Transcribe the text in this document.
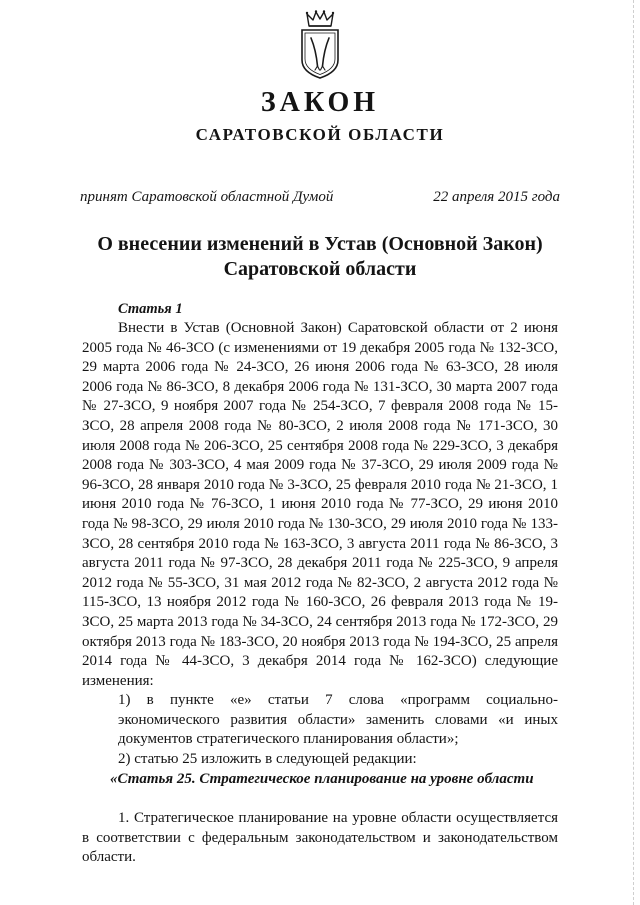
ЗАКОН
САРАТОВСКОЙ ОБЛАСТИ
принят Саратовской областной Думой	22 апреля 2015 года
О внесении изменений в Устав (Основной Закон)
Саратовской области
Статья 1

Внести в Устав (Основной Закон) Саратовской области от 2 июня 2005 года № 46-ЗСО (с изменениями от 19 декабря 2005 года № 132-ЗСО, 29 марта 2006 года № 24-ЗСО, 26 июня 2006 года № 63-ЗСО, 28 июля 2006 года № 86-ЗСО, 8 декабря 2006 года № 131-ЗСО, 30 марта 2007 года № 27-ЗСО, 9 ноября 2007 года № 254-ЗСО, 7 февраля 2008 года № 15-ЗСО, 28 апреля 2008 года № 80-ЗСО, 2 июля 2008 года № 171-ЗСО, 30 июля 2008 года № 206-ЗСО, 25 сентября 2008 года № 229-ЗСО, 3 декабря 2008 года № 303-ЗСО, 4 мая 2009 года № 37-ЗСО, 29 июля 2009 года № 96-ЗСО, 28 января 2010 года № 3-ЗСО, 25 февраля 2010 года № 21-ЗСО, 1 июня 2010 года № 76-ЗСО, 1 июня 2010 года № 77-ЗСО, 29 июня 2010 года № 98-ЗСО, 29 июля 2010 года № 130-ЗСО, 29 июля 2010 года № 133-ЗСО, 28 сентября 2010 года № 163-ЗСО, 3 августа 2011 года № 86-ЗСО, 3 августа 2011 года № 97-ЗСО, 28 декабря 2011 года № 225-ЗСО, 9 апреля 2012 года № 55-ЗСО, 31 мая 2012 года № 82-ЗСО, 2 августа 2012 года № 115-ЗСО, 13 ноября 2012 года № 160-ЗСО, 26 февраля 2013 года № 19-ЗСО, 25 марта 2013 года № 34-ЗСО, 24 сентября 2013 года № 172-ЗСО, 29 октября 2013 года № 183-ЗСО, 20 ноября 2013 года № 194-ЗСО, 25 апреля 2014 года № 44-ЗСО, 3 декабря 2014 года № 162-ЗСО) следующие изменения:

1) в пункте «е» статьи 7 слова «программ социально-экономического развития области» заменить словами «и иных документов стратегического планирования области»;

2) статью 25 изложить в следующей редакции:

«Статья 25. Стратегическое планирование на уровне области

1. Стратегическое планирование на уровне области осуществляется в соответствии с федеральным законодательством и законодательством области.
